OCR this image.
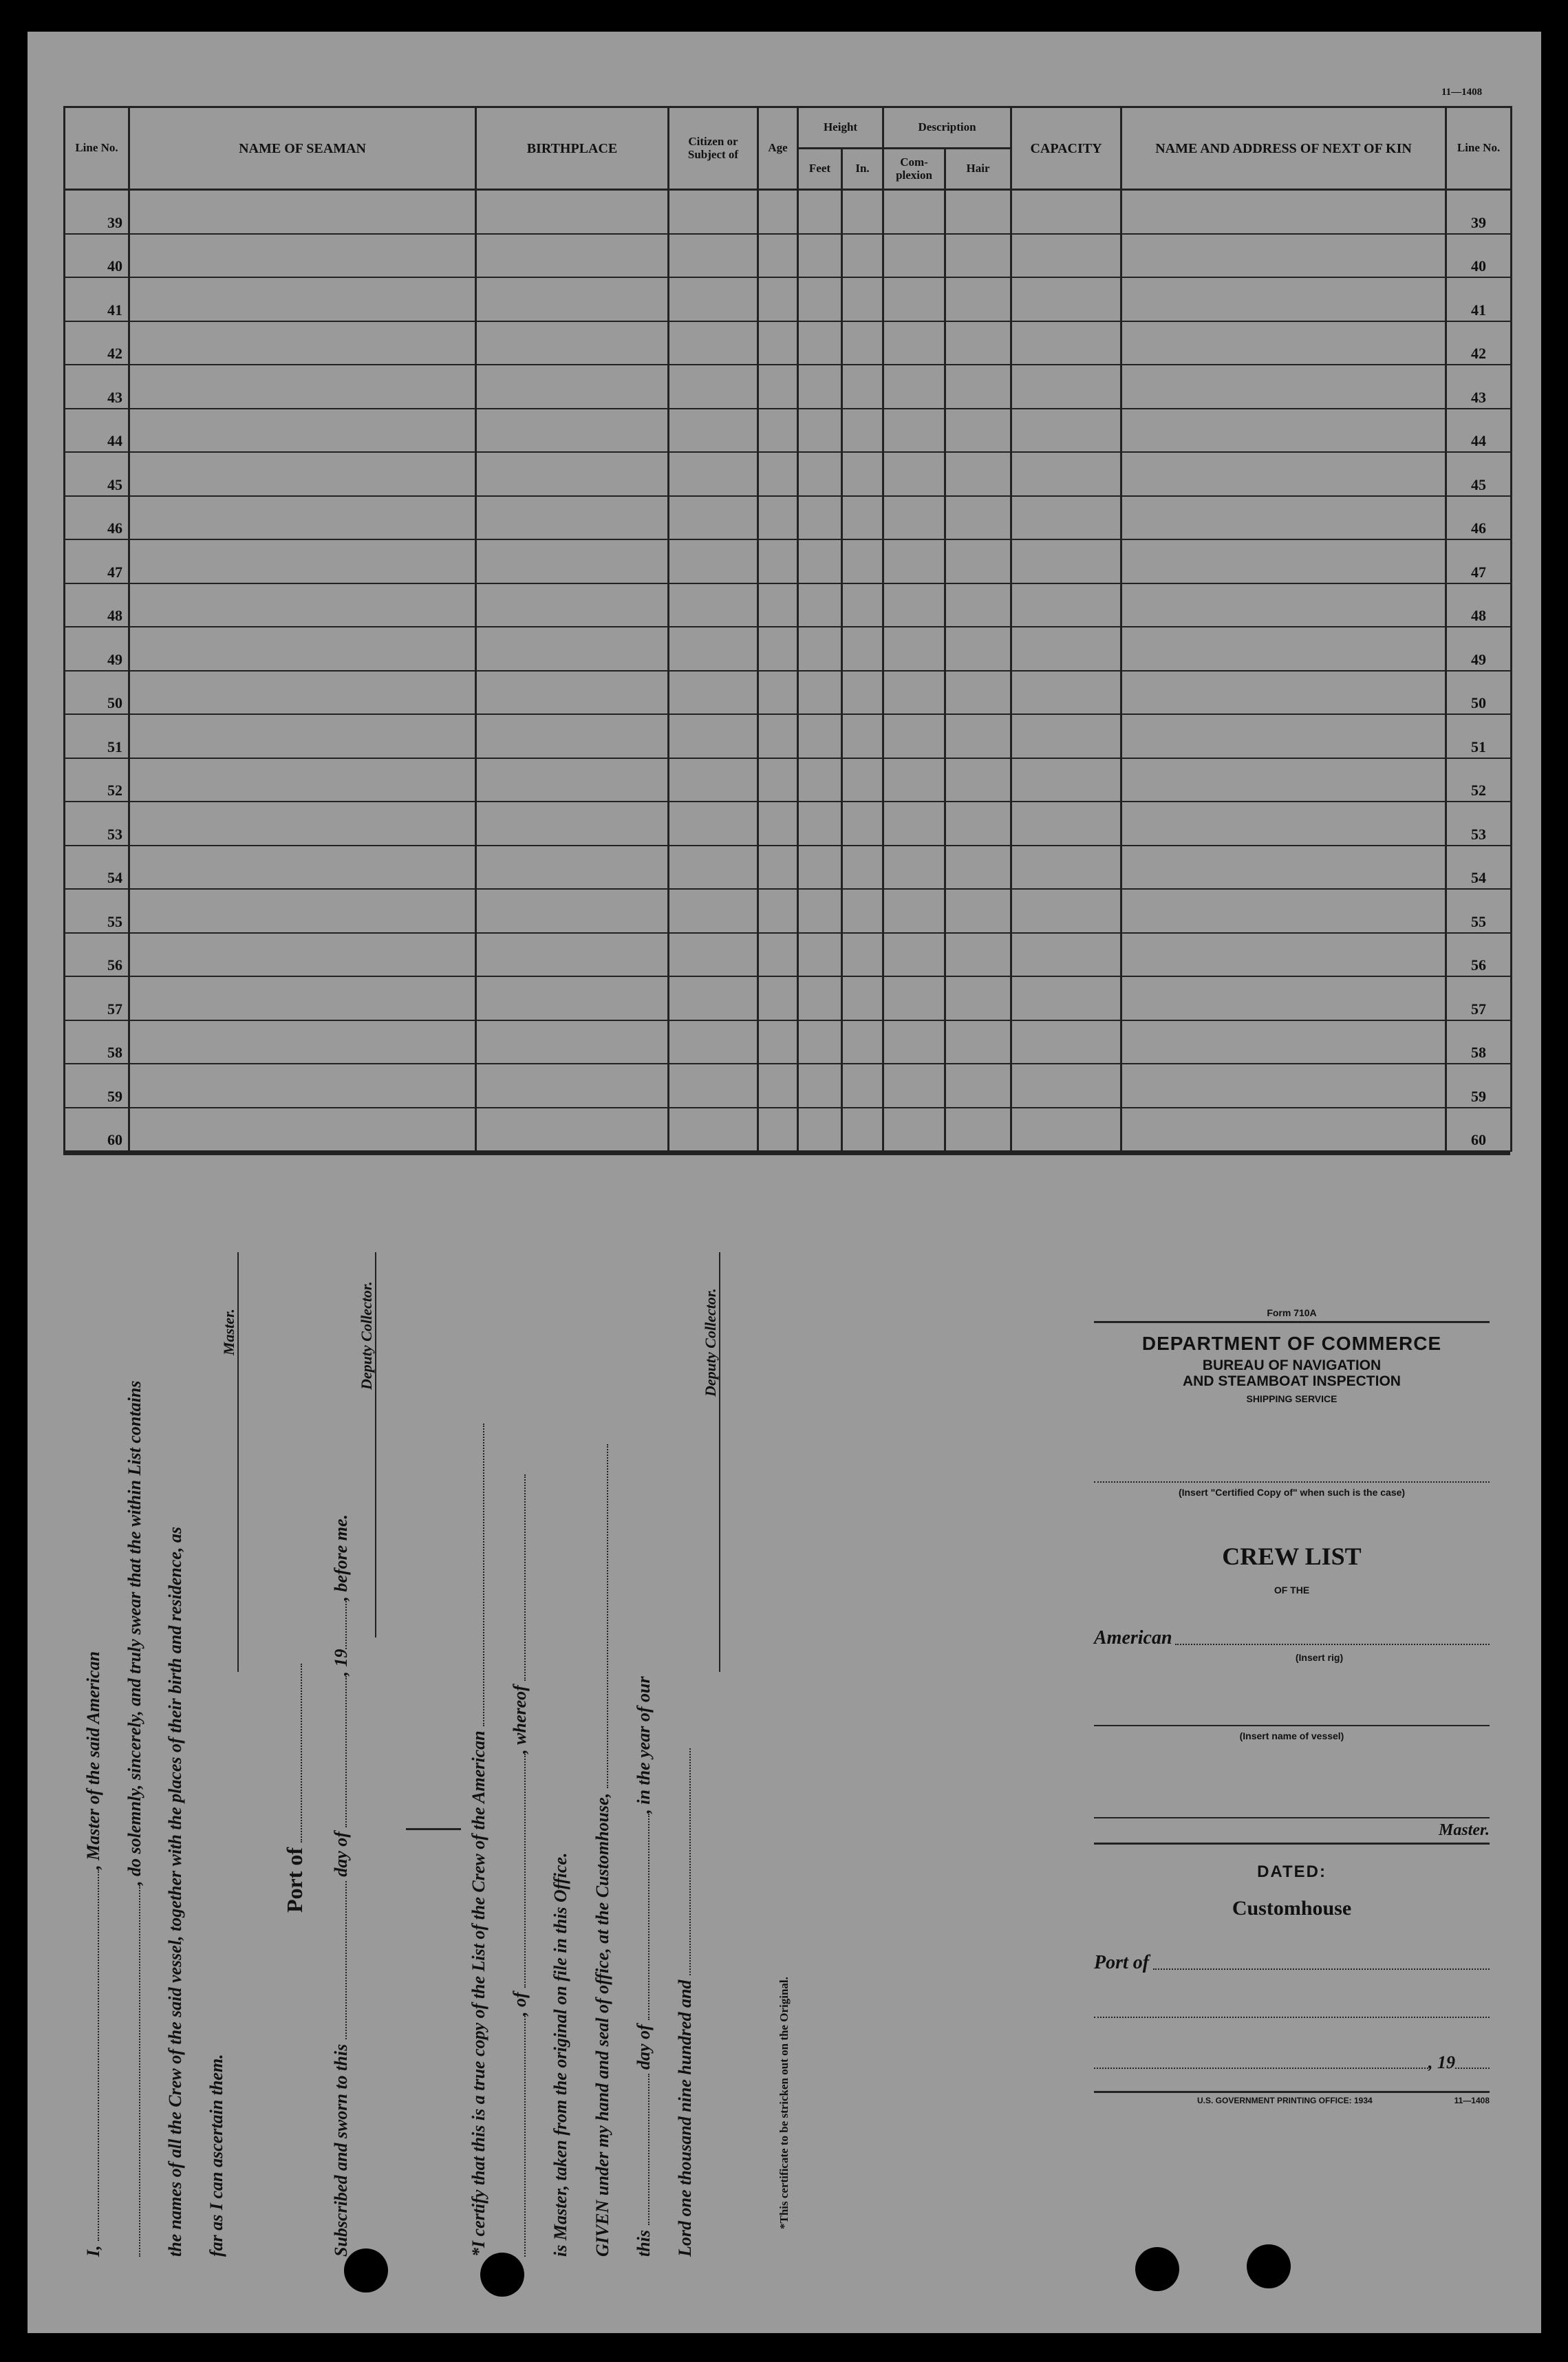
11—1408
Line No.	NAME OF SEAMAN	BIRTHPLACE	Citizen or Subject of	Age	Height		Description		CAPACITY	NAME AND ADDRESS OF NEXT OF KIN	Line No.
					Feet	In.	Com-plexion	Hair			
39											39
40											40
41											41
42											42
43											43
44											44
45											45
46											46
47											47
48											48
49											49
50											50
51											51
52											52
53											53
54											54
55											55
56											56
57											57
58											58
59											59
60											60
I, , Master of the said American , do solemnly, sincerely, and truly swear that the within List contains the names of all the Crew of the said vessel, together with the places of their birth and residence, as far as I can ascertain them.
Master.
Port of
Subscribed and sworn to this  day of , 19, before me.
Deputy Collector.
*I certify that this is a true copy of the List of the Crew of the American , of , whereof
is Master, taken from the original on file in this Office. GIVEN under my hand and seal of office, at the Customhouse, this  day of , in the year of our
Lord one thousand nine hundred and
Deputy Collector.
*This certificate to be stricken out on the Original.
Form 710A
DEPARTMENT OF COMMERCE
BUREAU OF NAVIGATION
AND STEAMBOAT INSPECTION
SHIPPING SERVICE
(Insert "Certified Copy of" when such is the case)
CREW LIST
OF THE
American
(Insert rig)
(Insert name of vessel)
Master.
DATED:
Customhouse
Port of
, 19
U.S. GOVERNMENT PRINTING OFFICE: 1934	11—1408
